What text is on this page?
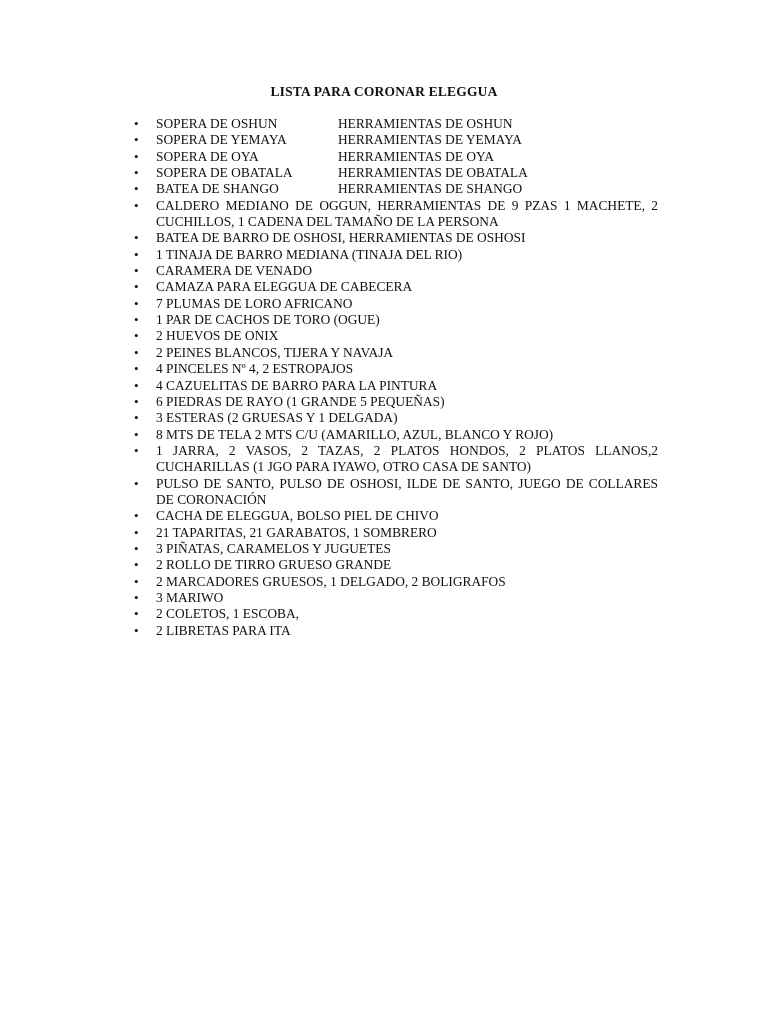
LISTA PARA CORONAR ELEGGUA
• SOPERA DE OSHUN	HERRAMIENTAS DE OSHUN
• SOPERA DE YEMAYA	HERRAMIENTAS DE YEMAYA
• SOPERA DE OYA	HERRAMIENTAS DE OYA
• SOPERA DE OBATALA	HERRAMIENTAS DE OBATALA
• BATEA DE SHANGO	HERRAMIENTAS DE SHANGO
• CALDERO MEDIANO DE OGGUN, HERRAMIENTAS DE 9 PZAS 1 MACHETE, 2 CUCHILLOS, 1 CADENA DEL TAMAÑO DE LA PERSONA
• BATEA DE BARRO DE OSHOSI, HERRAMIENTAS DE OSHOSI
• 1 TINAJA DE BARRO MEDIANA (TINAJA DEL RIO)
• CARAMERA DE VENADO
• CAMAZA PARA ELEGGUA DE CABECERA
• 7 PLUMAS DE LORO AFRICANO
• 1 PAR DE CACHOS DE TORO (OGUE)
• 2 HUEVOS DE ONIX
• 2 PEINES BLANCOS, TIJERA Y NAVAJA
• 4 PINCELES Nº 4, 2 ESTROPAJOS
• 4 CAZUELITAS DE BARRO PARA LA PINTURA
• 6 PIEDRAS DE RAYO (1 GRANDE 5 PEQUEÑAS)
• 3 ESTERAS (2 GRUESAS Y 1 DELGADA)
• 8 MTS DE TELA 2 MTS C/U (AMARILLO, AZUL, BLANCO Y ROJO)
• 1 JARRA, 2 VASOS, 2 TAZAS, 2 PLATOS HONDOS, 2 PLATOS LLANOS,2 CUCHARILLAS (1 JGO PARA IYAWO, OTRO CASA DE SANTO)
• PULSO DE SANTO, PULSO DE OSHOSI, ILDE DE SANTO, JUEGO DE COLLARES DE CORONACIÓN
• CACHA DE ELEGGUA, BOLSO PIEL DE CHIVO
• 21 TAPARITAS, 21 GARABATOS, 1 SOMBRERO
• 3 PIÑATAS, CARAMELOS Y JUGUETES
• 2 ROLLO DE TIRRO GRUESO GRANDE
• 2 MARCADORES GRUESOS, 1 DELGADO, 2 BOLIGRAFOS
• 3 MARIWO
• 2 COLETOS, 1 ESCOBA,
• 2 LIBRETAS PARA ITA
